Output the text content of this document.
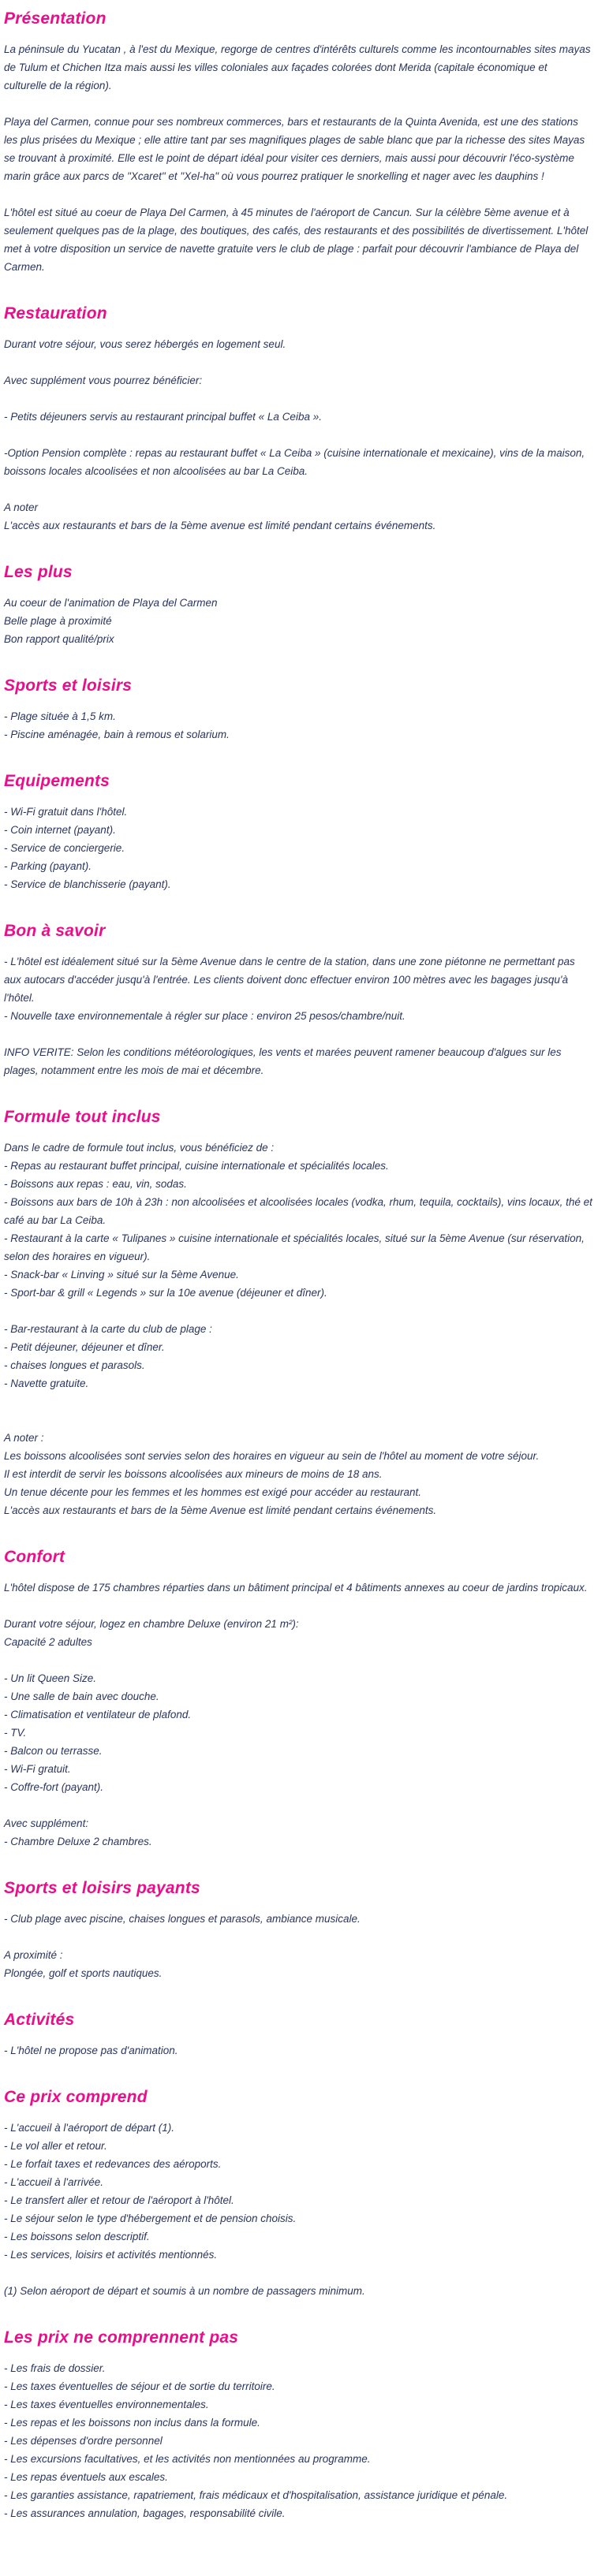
Présentation

La péninsule du Yucatan , à l'est du Mexique, regorge de centres d'intérêts culturels comme les incontournables sites mayas de Tulum et Chichen Itza mais aussi les villes coloniales aux façades colorées dont Merida (capitale économique et culturelle de la région).

Playa del Carmen, connue pour ses nombreux commerces, bars et restaurants de la Quinta Avenida, est une des stations les plus prisées du Mexique ; elle attire tant par ses magnifiques plages de sable blanc que par la richesse des sites Mayas se trouvant à proximité. Elle est le point de départ idéal pour visiter ces derniers, mais aussi pour découvrir l'éco-système marin grâce aux parcs de "Xcaret" et "Xel-ha" où vous pourrez pratiquer le snorkelling et nager avec les dauphins !

L'hôtel est situé au coeur de Playa Del Carmen, à 45 minutes de l'aéroport de Cancun. Sur la célèbre 5ème avenue et à seulement quelques pas de la plage, des boutiques, des cafés, des restaurants et des possibilités de divertissement. L'hôtel met à votre disposition un service de navette gratuite vers le club de plage : parfait pour découvrir l'ambiance de Playa del Carmen.

Restauration

Durant votre séjour, vous serez hébergés en logement seul.

Avec supplément vous pourrez bénéficier:

- Petits déjeuners servis au restaurant principal buffet « La Ceiba ».

-Option Pension complète : repas au restaurant buffet « La Ceiba » (cuisine internationale et mexicaine), vins de la maison, boissons locales alcoolisées et non alcoolisées au bar La Ceiba.

A noter

L'accès aux restaurants et bars de la 5ème avenue est limité pendant certains événements.

Les plus

Au coeur de l'animation de Playa del Carmen

Belle plage à proximité

Bon rapport qualité/prix

Sports et loisirs

- Plage située à 1,5 km.

- Piscine aménagée, bain à remous et solarium.

Equipements

- Wi-Fi gratuit dans l'hôtel.

- Coin internet (payant).

- Service de conciergerie.

- Parking (payant).

- Service de blanchisserie (payant).

Bon à savoir

- L'hôtel est idéalement situé sur la 5ème Avenue dans le centre de la station, dans une zone piétonne ne permettant pas aux autocars d'accéder jusqu'à l'entrée. Les clients doivent donc effectuer environ 100 mètres avec les bagages jusqu'à l'hôtel.

- Nouvelle taxe environnementale à régler sur place : environ 25 pesos/chambre/nuit.

INFO VERITE: Selon les conditions météorologiques, les vents et marées peuvent ramener beaucoup d'algues sur les plages, notamment entre les mois de mai et décembre.

Formule tout inclus

Dans le cadre de formule tout inclus, vous bénéficiez de :

- Repas au restaurant buffet principal, cuisine internationale et spécialités locales.

- Boissons aux repas : eau, vin, sodas.

- Boissons aux bars de 10h à 23h : non alcoolisées et alcoolisées locales (vodka, rhum, tequila, cocktails), vins locaux, thé et café au bar La Ceiba.

- Restaurant à la carte « Tulipanes » cuisine internationale et spécialités locales, situé sur la 5ème Avenue (sur réservation, selon des horaires en vigueur).

- Snack-bar « Linving » situé sur la 5ème Avenue.

- Sport-bar & grill « Legends » sur la 10e avenue (déjeuner et dîner).

- Bar-restaurant à la carte du club de plage :

- Petit déjeuner, déjeuner et dîner.

- chaises longues et parasols.

- Navette gratuite.

A noter :

Les boissons alcoolisées sont servies selon des horaires en vigueur au sein de l'hôtel au moment de votre séjour.

Il est interdit de servir les boissons alcoolisées aux mineurs de moins de 18 ans.

Un tenue décente pour les femmes et les hommes est exigé pour accéder au restaurant.

L'accès aux restaurants et bars de la 5ème Avenue est limité pendant certains événements.

Confort

L'hôtel dispose de 175 chambres réparties dans un bâtiment principal et 4 bâtiments annexes au coeur de jardins tropicaux.

Durant votre séjour, logez en chambre Deluxe (environ 21 m²):

Capacité 2 adultes

- Un lit Queen Size.

- Une salle de bain avec douche.

- Climatisation et ventilateur de plafond.

- TV.

- Balcon ou terrasse.

- Wi-Fi gratuit.

- Coffre-fort (payant).

Avec supplément:

- Chambre Deluxe 2 chambres.

Sports et loisirs payants

- Club plage avec piscine, chaises longues et parasols, ambiance musicale.

A proximité :

Plongée, golf et sports nautiques.

Activités

- L'hôtel ne propose pas d'animation.

Ce prix comprend

- L'accueil à l'aéroport de départ (1).

- Le vol aller et retour.

- Le forfait taxes et redevances des aéroports.

- L'accueil à l'arrivée.

- Le transfert aller et retour de l'aéroport à l'hôtel.

- Le séjour selon le type d'hébergement et de pension choisis.

- Les boissons selon descriptif.

- Les services, loisirs et activités mentionnés.

(1) Selon aéroport de départ et soumis à un nombre de passagers minimum.

Les prix ne comprennent pas

- Les frais de dossier.

- Les taxes éventuelles de séjour et de sortie du territoire.

- Les taxes éventuelles environnementales.

- Les repas et les boissons non inclus dans la formule.

- Les dépenses d'ordre personnel

- Les excursions facultatives, et les activités non mentionnées au programme.

- Les repas éventuels aux escales.

- Les garanties assistance, rapatriement, frais médicaux et d'hospitalisation, assistance juridique et pénale.

- Les assurances annulation, bagages, responsabilité civile.
